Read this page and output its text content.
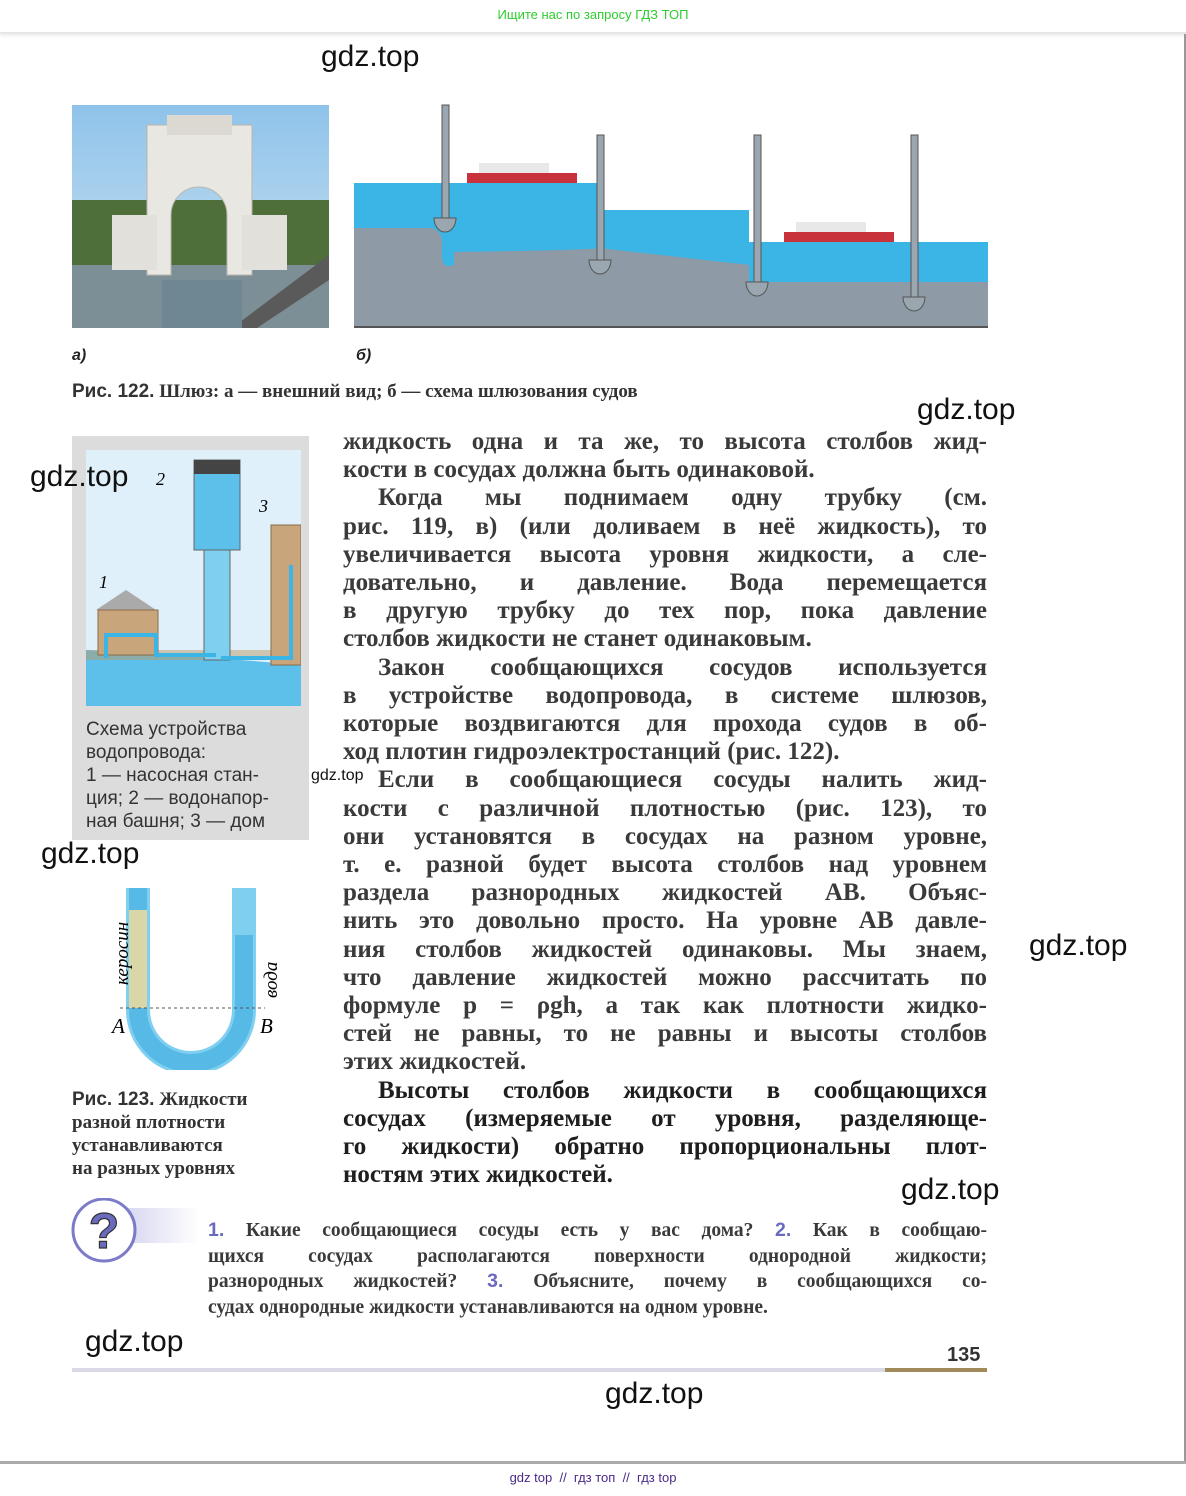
Ищите нас по запросу ГДЗ ТОП
gdz.top
gdz.top
gdz.top
gdz.top
gdz.top
gdz.top
gdz.top
gdz.top
gdz.top
а)	б)
Рис. 122. Шлюз: а — внешний вид; б — схема шлюзования судов
2
3
1
Схема устройства
водопровода:
1 — насосная стан-
ция; 2 — водонапор-
ная башня; 3 — дом
керосин	вода
A	B
Рис. 123. Жидкости
разной плотности
устанавливаются
на разных уровнях
жидкость одна и та же, то высота столбов жид-
кости в сосудах должна быть одинаковой.
Когда мы поднимаем одну трубку (см.
рис. 119, в) (или доливаем в неё жидкость), то
увеличивается высота уровня жидкости, а сле-
довательно, и давление. Вода перемещается
в другую трубку до тех пор, пока давление
столбов жидкости не станет одинаковым.
Закон сообщающихся сосудов используется
в устройстве водопровода, в системе шлюзов,
которые воздвигаются для прохода судов в об-
ход плотин гидроэлектростанций (рис. 122).
Если в сообщающиеся сосуды налить жид-
кости с различной плотностью (рис. 123), то
они установятся в сосудах на разном уровне,
т. е. разной будет высота столбов над уровнем
раздела разнородных жидкостей AB. Объяс-
нить это довольно просто. На уровне AB давле-
ния столбов жидкостей одинаковы. Мы знаем,
что давление жидкостей можно рассчитать по
формуле p = ρgh, а так как плотности жидко-
стей не равны, то не равны и высоты столбов
этих жидкостей.
Высоты столбов жидкости в сообщающихся
сосудах (измеряемые от уровня, разделяюще-
го жидкости) обратно пропорциональны плот-
ностям этих жидкостей.
?	1. Какие сообщающиеся сосуды есть у вас дома? 2. Как в сообщаю-
щихся сосудах располагаются поверхности однородной жидкости;
разнородных жидкостей? 3. Объясните, почему в сообщающихся со-
судах однородные жидкости устанавливаются на одном уровне.
135
gdz top // гдз топ // гдз top
